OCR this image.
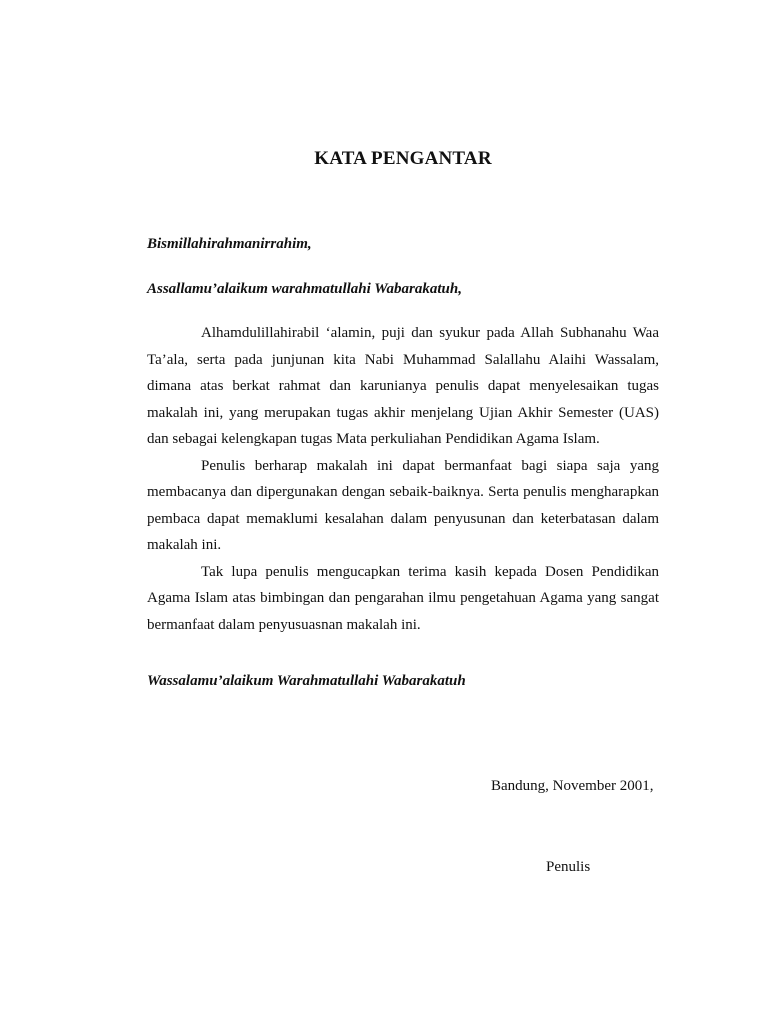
KATA PENGANTAR
Bismillahirahmanirrahim,
Assallamu’alaikum warahmatullahi Wabarakatuh,

Alhamdulillahirabil ‘alamin, puji dan syukur pada Allah Subhanahu Waa Ta’ala, serta pada junjunan kita Nabi Muhammad Salallahu Alaihi Wassalam, dimana atas berkat rahmat dan karunianya penulis dapat menyelesaikan tugas makalah ini, yang merupakan tugas akhir menjelang Ujian Akhir Semester (UAS) dan sebagai kelengkapan tugas Mata perkuliahan Pendidikan Agama Islam.

Penulis berharap makalah ini dapat bermanfaat bagi siapa saja yang membacanya dan dipergunakan dengan sebaik-baiknya. Serta penulis mengharapkan pembaca dapat memaklumi kesalahan dalam penyusunan dan keterbatasan dalam makalah ini.

Tak lupa penulis mengucapkan terima kasih kepada Dosen Pendidikan Agama Islam atas bimbingan dan pengarahan ilmu pengetahuan Agama yang sangat bermanfaat dalam penyusuasnan makalah ini.

Wassalamu’alaikum Warahmatullahi Wabarakatuh
Bandung, November 2001,
Penulis
